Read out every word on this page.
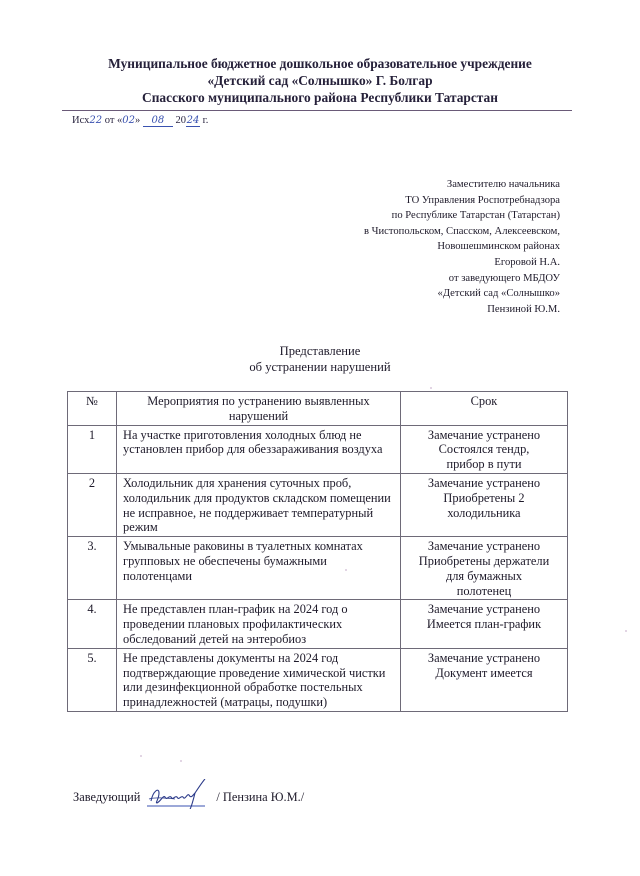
Муниципальное бюджетное дошкольное образовательное учреждение
«Детский сад «Солнышко» Г. Болгар
Спасского муниципального района Республики Татарстан
Исх22 от «02» 08 2024 г.
Заместителю начальника
ТО Управления Роспотребнадзора
по Республике Татарстан (Татарстан)
в Чистопольском, Спасском, Алексеевском,
Новошешминском районах
Егоровой Н.А.
от заведующего МБДОУ
«Детский сад «Солнышко»
Пензиной Ю.М.
Представление
об устранении нарушений
№	Мероприятия по устранению выявленных нарушений	Срок
1	На участке приготовления холодных блюд не установлен прибор для обеззараживания воздуха	Замечание устранено
Состоялся тендр,
прибор в пути

2	Холодильник для хранения суточных проб, холодильник для продуктов складском помещении не исправное, не поддерживает температурный режим	Замечание устранено
Приобретены 2
холодильника

3.	Умывальные раковины в туалетных комнатах групповых не обеспечены бумажными полотенцами	Замечание устранено
Приобретены держатели
для бумажных
полотенец

4.	Не представлен план-график на 2024 год о проведении плановых профилактических обследований детей на энтеробиоз	Замечание устранено
Имеется план-график

5.	Не представлены документы на 2024 год подтверждающие проведение химической чистки или дезинфекционной обработке постельных принадлежностей (матрацы, подушки)	Замечание устранено
Документ имеется
Заведующий	/ Пензина Ю.М./
